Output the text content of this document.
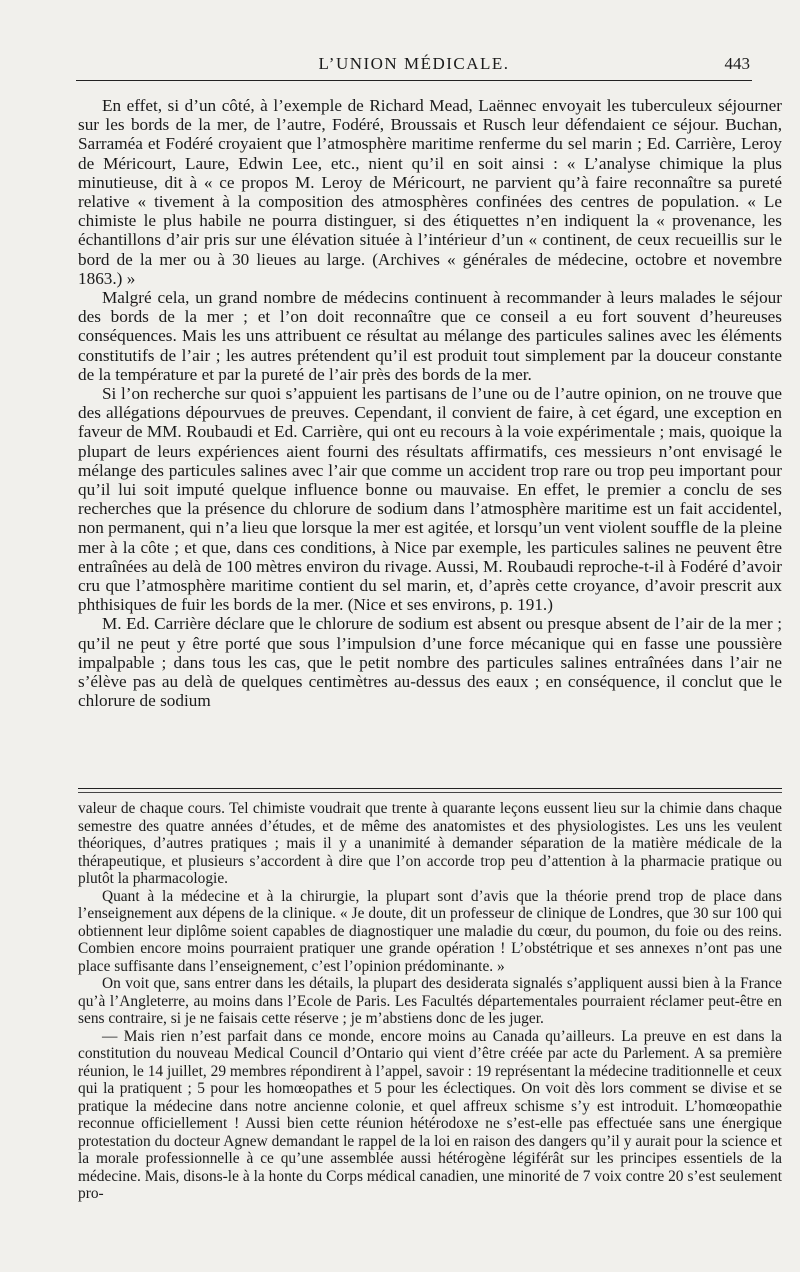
L’UNION MÉDICALE.	443

En effet, si d’un côté, à l’exemple de Richard Mead, Laënnec envoyait les tuberculeux séjourner sur les bords de la mer, de l’autre, Fodéré, Broussais et Rusch leur défendaient ce séjour. Buchan, Sarraméa et Fodéré croyaient que l’atmosphère maritime renferme du sel marin ; Ed. Carrière, Leroy de Méricourt, Laure, Edwin Lee, etc., nient qu’il en soit ainsi : « L’analyse chimique la plus minutieuse, dit à « ce propos M. Leroy de Méricourt, ne parvient qu’à faire reconnaître sa pureté relative « tivement à la composition des atmosphères confinées des centres de population. « Le chimiste le plus habile ne pourra distinguer, si des étiquettes n’en indiquent la « provenance, les échantillons d’air pris sur une élévation située à l’intérieur d’un « continent, de ceux recueillis sur le bord de la mer ou à 30 lieues au large. (Archives « générales de médecine, octobre et novembre 1863.) »

Malgré cela, un grand nombre de médecins continuent à recommander à leurs malades le séjour des bords de la mer ; et l’on doit reconnaître que ce conseil a eu fort souvent d’heureuses conséquences. Mais les uns attribuent ce résultat au mélange des particules salines avec les éléments constitutifs de l’air ; les autres prétendent qu’il est produit tout simplement par la douceur constante de la température et par la pureté de l’air près des bords de la mer.

Si l’on recherche sur quoi s’appuient les partisans de l’une ou de l’autre opinion, on ne trouve que des allégations dépourvues de preuves. Cependant, il convient de faire, à cet égard, une exception en faveur de MM. Roubaudi et Ed. Carrière, qui ont eu recours à la voie expérimentale ; mais, quoique la plupart de leurs expériences aient fourni des résultats affirmatifs, ces messieurs n’ont envisagé le mélange des particules salines avec l’air que comme un accident trop rare ou trop peu important pour qu’il lui soit imputé quelque influence bonne ou mauvaise. En effet, le premier a conclu de ses recherches que la présence du chlorure de sodium dans l’atmosphère maritime est un fait accidentel, non permanent, qui n’a lieu que lorsque la mer est agitée, et lorsqu’un vent violent souffle de la pleine mer à la côte ; et que, dans ces conditions, à Nice par exemple, les particules salines ne peuvent être entraînées au delà de 100 mètres environ du rivage. Aussi, M. Roubaudi reproche-t-il à Fodéré d’avoir cru que l’atmosphère maritime contient du sel marin, et, d’après cette croyance, d’avoir prescrit aux phthisiques de fuir les bords de la mer. (Nice et ses environs, p. 191.)

M. Ed. Carrière déclare que le chlorure de sodium est absent ou presque absent de l’air de la mer ; qu’il ne peut y être porté que sous l’impulsion d’une force mécanique qui en fasse une poussière impalpable ; dans tous les cas, que le petit nombre des particules salines entraînées dans l’air ne s’élève pas au delà de quelques centimètres au-dessus des eaux ; en conséquence, il conclut que le chlorure de sodium

valeur de chaque cours. Tel chimiste voudrait que trente à quarante leçons eussent lieu sur la chimie dans chaque semestre des quatre années d’études, et de même des anatomistes et des physiologistes. Les uns les veulent théoriques, d’autres pratiques ; mais il y a unanimité à demander séparation de la matière médicale de la thérapeutique, et plusieurs s’accordent à dire que l’on accorde trop peu d’attention à la pharmacie pratique ou plutôt la pharmacologie.

Quant à la médecine et à la chirurgie, la plupart sont d’avis que la théorie prend trop de place dans l’enseignement aux dépens de la clinique. « Je doute, dit un professeur de clinique de Londres, que 30 sur 100 qui obtiennent leur diplôme soient capables de diagnostiquer une maladie du cœur, du poumon, du foie ou des reins. Combien encore moins pourraient pratiquer une grande opération ! L’obstétrique et ses annexes n’ont pas une place suffisante dans l’enseignement, c’est l’opinion prédominante. »

On voit que, sans entrer dans les détails, la plupart des desiderata signalés s’appliquent aussi bien à la France qu’à l’Angleterre, au moins dans l’Ecole de Paris. Les Facultés départementales pourraient réclamer peut-être en sens contraire, si je ne faisais cette réserve ; je m’abstiens donc de les juger.

— Mais rien n’est parfait dans ce monde, encore moins au Canada qu’ailleurs. La preuve en est dans la constitution du nouveau Medical Council d’Ontario qui vient d’être créée par acte du Parlement. A sa première réunion, le 14 juillet, 29 membres répondirent à l’appel, savoir : 19 représentant la médecine traditionnelle et ceux qui la pratiquent ; 5 pour les homœopathes et 5 pour les éclectiques. On voit dès lors comment se divise et se pratique la médecine dans notre ancienne colonie, et quel affreux schisme s’y est introduit. L’homœopathie reconnue officiellement ! Aussi bien cette réunion hétérodoxe ne s’est-elle pas effectuée sans une énergique protestation du docteur Agnew demandant le rappel de la loi en raison des dangers qu’il y aurait pour la science et la morale professionnelle à ce qu’une assemblée aussi hétérogène légiférât sur les principes essentiels de la médecine. Mais, disons-le à la honte du Corps médical canadien, une minorité de 7 voix contre 20 s’est seulement pro-
